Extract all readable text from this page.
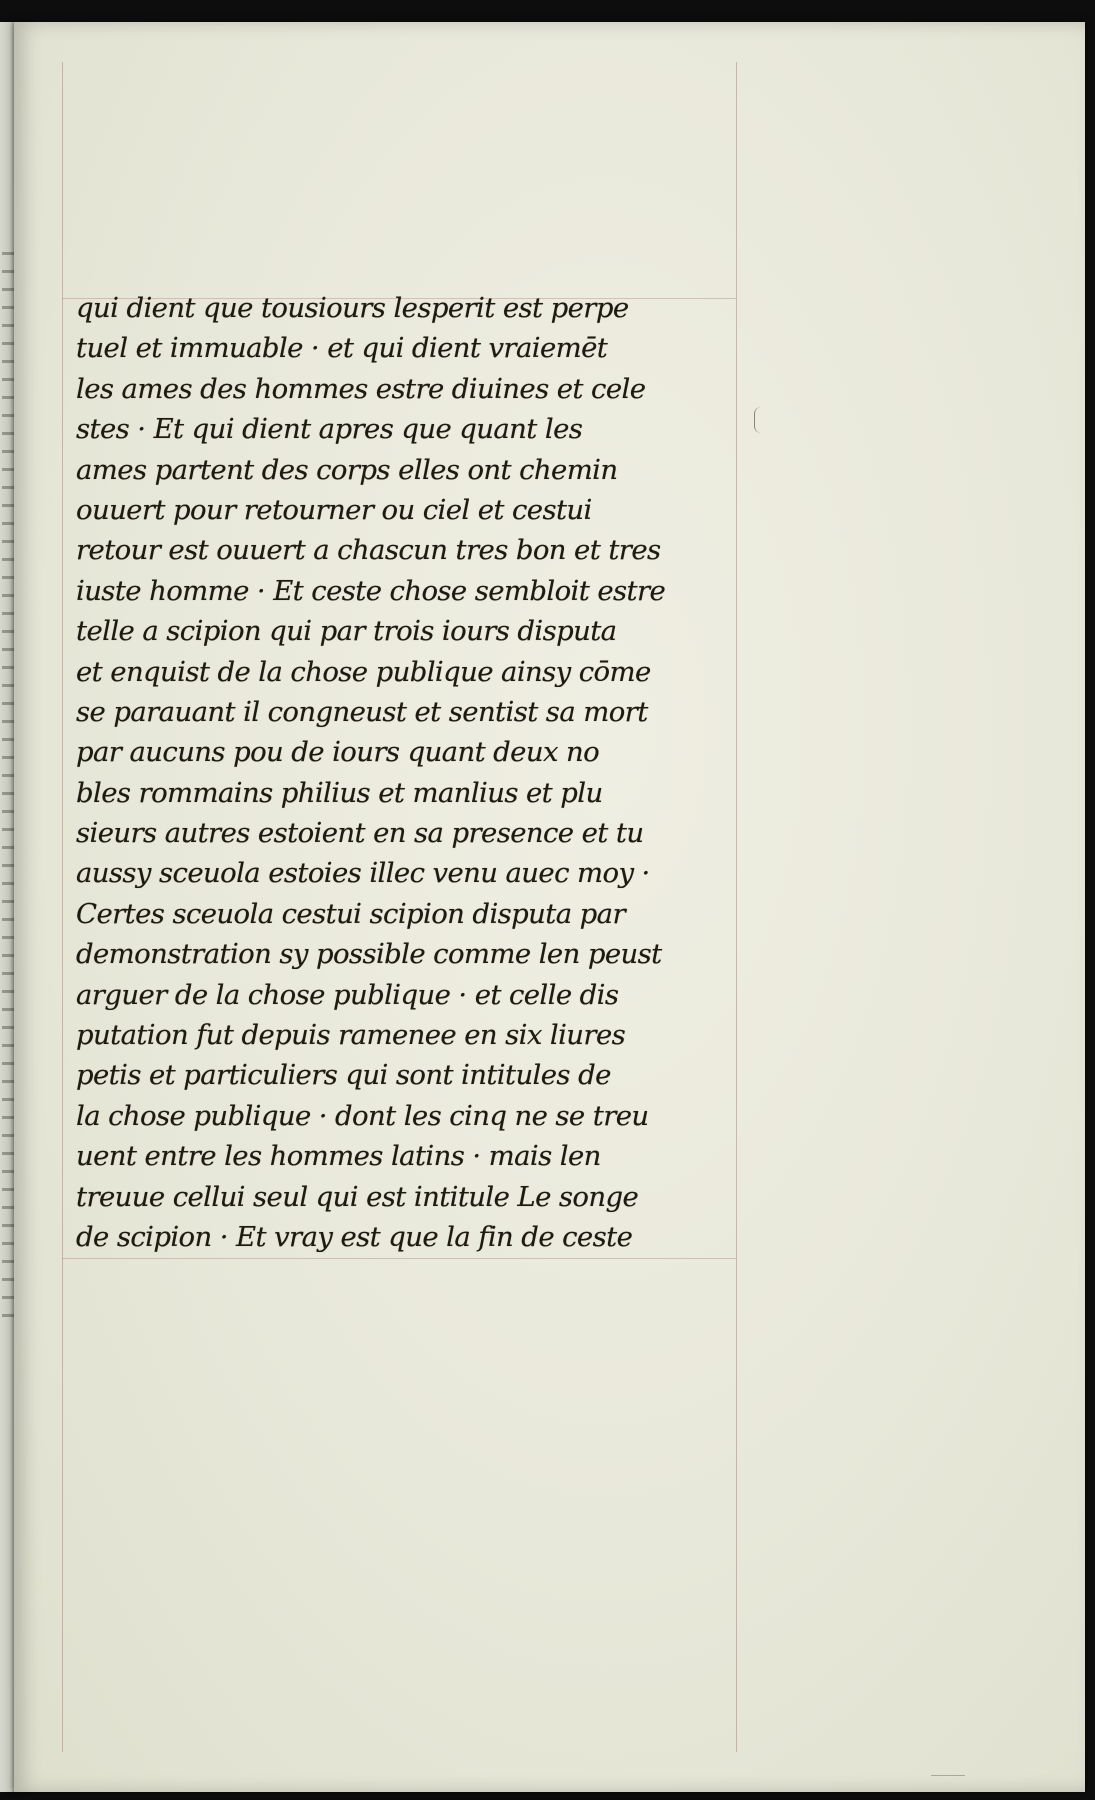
qui dient que tousiours lesperit est perpe
tuel et immuable · et qui dient vraiemēt
les ames des hommes estre diuines et cele
stes · Et qui dient apres que quant les
ames partent des corps elles ont chemin
ouuert pour retourner ou ciel et cestui
retour est ouuert a chascun tres bon et tres
iuste homme · Et ceste chose sembloit estre
telle a scipion qui par trois iours disputa
et enquist de la chose publique ainsy cōme
se parauant il congneust et sentist sa mort
par aucuns pou de iours quant deux no
bles rommains philius et manlius et plu
sieurs autres estoient en sa presence et tu
aussy sceuola estoies illec venu auec moy ·
Certes sceuola cestui scipion disputa par
demonstration sy possible comme len peust
arguer de la chose publique · et celle dis
putation fut depuis ramenee en six liures
petis et particuliers qui sont intitules de
la chose publique · dont les cinq ne se treu
uent entre les hommes latins · mais len
treuue cellui seul qui est intitule Le songe
de scipion · Et vray est que la fin de ceste
